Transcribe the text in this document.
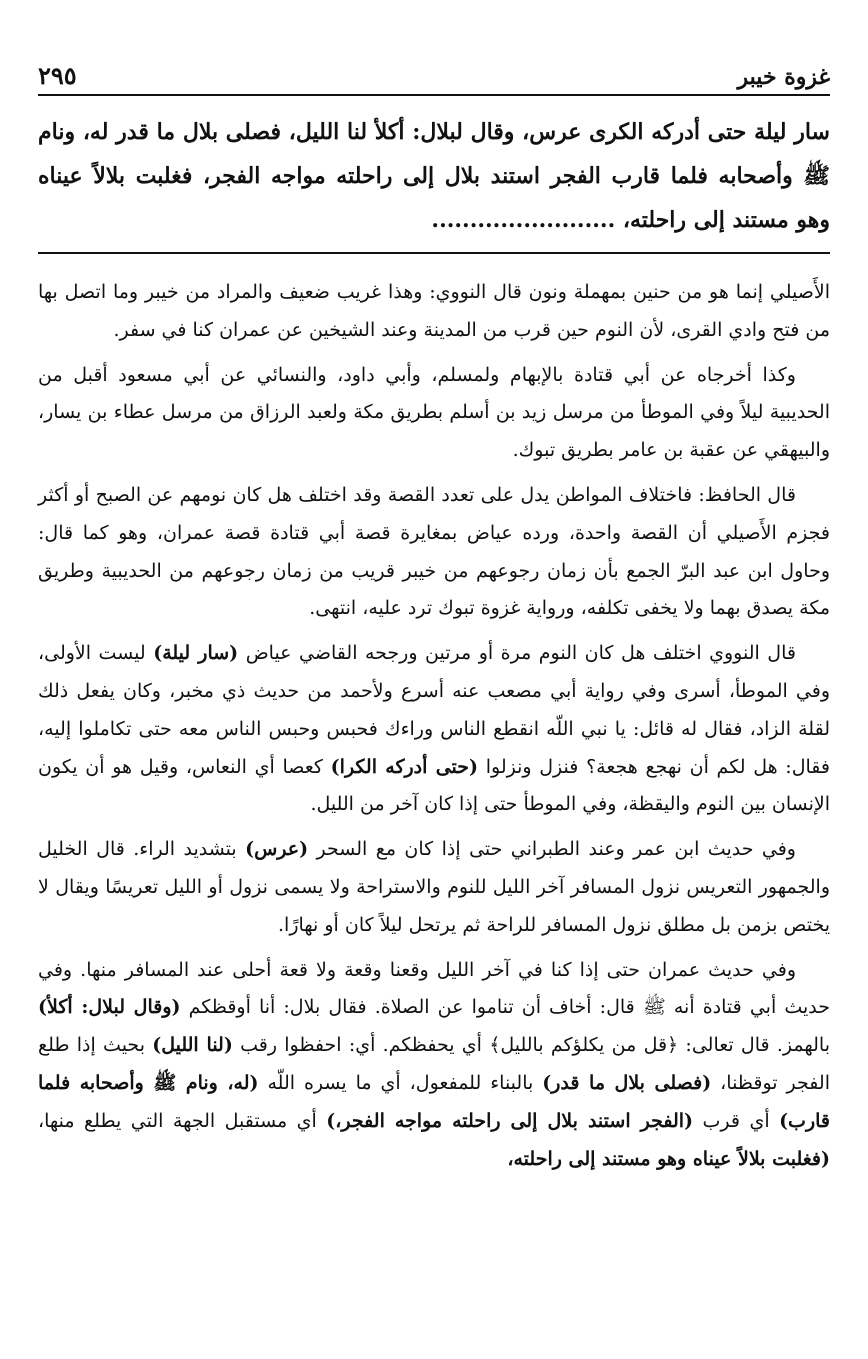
غزوة خيبر
٢٩٥

سار ليلة حتى أدركه الكرى عرس، وقال لبلال: أكلأ لنا الليل، فصلى بلال ما قدر له، ونام ﷺ وأصحابه فلما قارب الفجر استند بلال إلى راحلته مواجه الفجر، فغلبت بلالاً عيناه وهو مستند إلى راحلته، ........................

الأَصيلي إنما هو من حنين بمهملة ونون قال النووي: وهذا غريب ضعيف والمراد من خيبر وما اتصل بها من فتح وادي القرى، لأن النوم حين قرب من المدينة وعند الشيخين عن عمران كنا في سفر.

وكذا أخرجاه عن أبي قتادة بالإبهام ولمسلم، وأبي داود، والنسائي عن أبي مسعود أقبل من الحديبية ليلاً وفي الموطأ من مرسل زيد بن أسلم بطريق مكة ولعبد الرزاق من مرسل عطاء بن يسار، والبيهقي عن عقبة بن عامر بطريق تبوك.

قال الحافظ: فاختلاف المواطن يدل على تعدد القصة وقد اختلف هل كان نومهم عن الصبح أو أكثر فجزم الأَصيلي أن القصة واحدة، ورده عياض بمغايرة قصة أبي قتادة قصة عمران، وهو كما قال: وحاول ابن عبد البرّ الجمع بأن زمان رجوعهم من خيبر قريب من زمان رجوعهم من الحديبية وطريق مكة يصدق بهما ولا يخفى تكلفه، ورواية غزوة تبوك ترد عليه، انتهى.

قال النووي اختلف هل كان النوم مرة أو مرتين ورجحه القاضي عياض (سار ليلة) ليست الأولى، وفي الموطأ، أسرى وفي رواية أبي مصعب عنه أسرع ولأحمد من حديث ذي مخبر، وكان يفعل ذلك لقلة الزاد، فقال له قائل: يا نبي اللّه انقطع الناس وراءك فحبس وحبس الناس معه حتى تكاملوا إليه، فقال: هل لكم أن نهجع هجعة؟ فنزل ونزلوا (حتى أدركه الكرا) كعصا أي النعاس، وقيل هو أن يكون الإنسان بين النوم واليقظة، وفي الموطأ حتى إذا كان آخر من الليل.

وفي حديث ابن عمر وعند الطبراني حتى إذا كان مع السحر (عرس) بتشديد الراء. قال الخليل والجمهور التعريس نزول المسافر آخر الليل للنوم والاستراحة ولا يسمى نزول أو الليل تعريسًا ويقال لا يختص بزمن بل مطلق نزول المسافر للراحة ثم يرتحل ليلاً كان أو نهارًا.

وفي حديث عمران حتى إذا كنا في آخر الليل وقعنا وقعة ولا قعة أحلى عند المسافر منها. وفي حديث أبي قتادة أنه ﷺ قال: أخاف أن تناموا عن الصلاة. فقال بلال: أنا أوقظكم (وقال لبلال: أكلأ) بالهمز. قال تعالى: ﴿قل من يكلؤكم بالليل﴾ أي يحفظكم. أي: احفظوا رقب (لنا الليل) بحيث إذا طلع الفجر توقظنا، (فصلى بلال ما قدر) بالبناء للمفعول، أي ما يسره اللّه (له، ونام ﷺ وأصحابه فلما قارب) أي قرب (الفجر استند بلال إلى راحلته مواجه الفجر،) أي مستقبل الجهة التي يطلع منها، (فغلبت بلالاً عيناه وهو مستند إلى راحلته،
